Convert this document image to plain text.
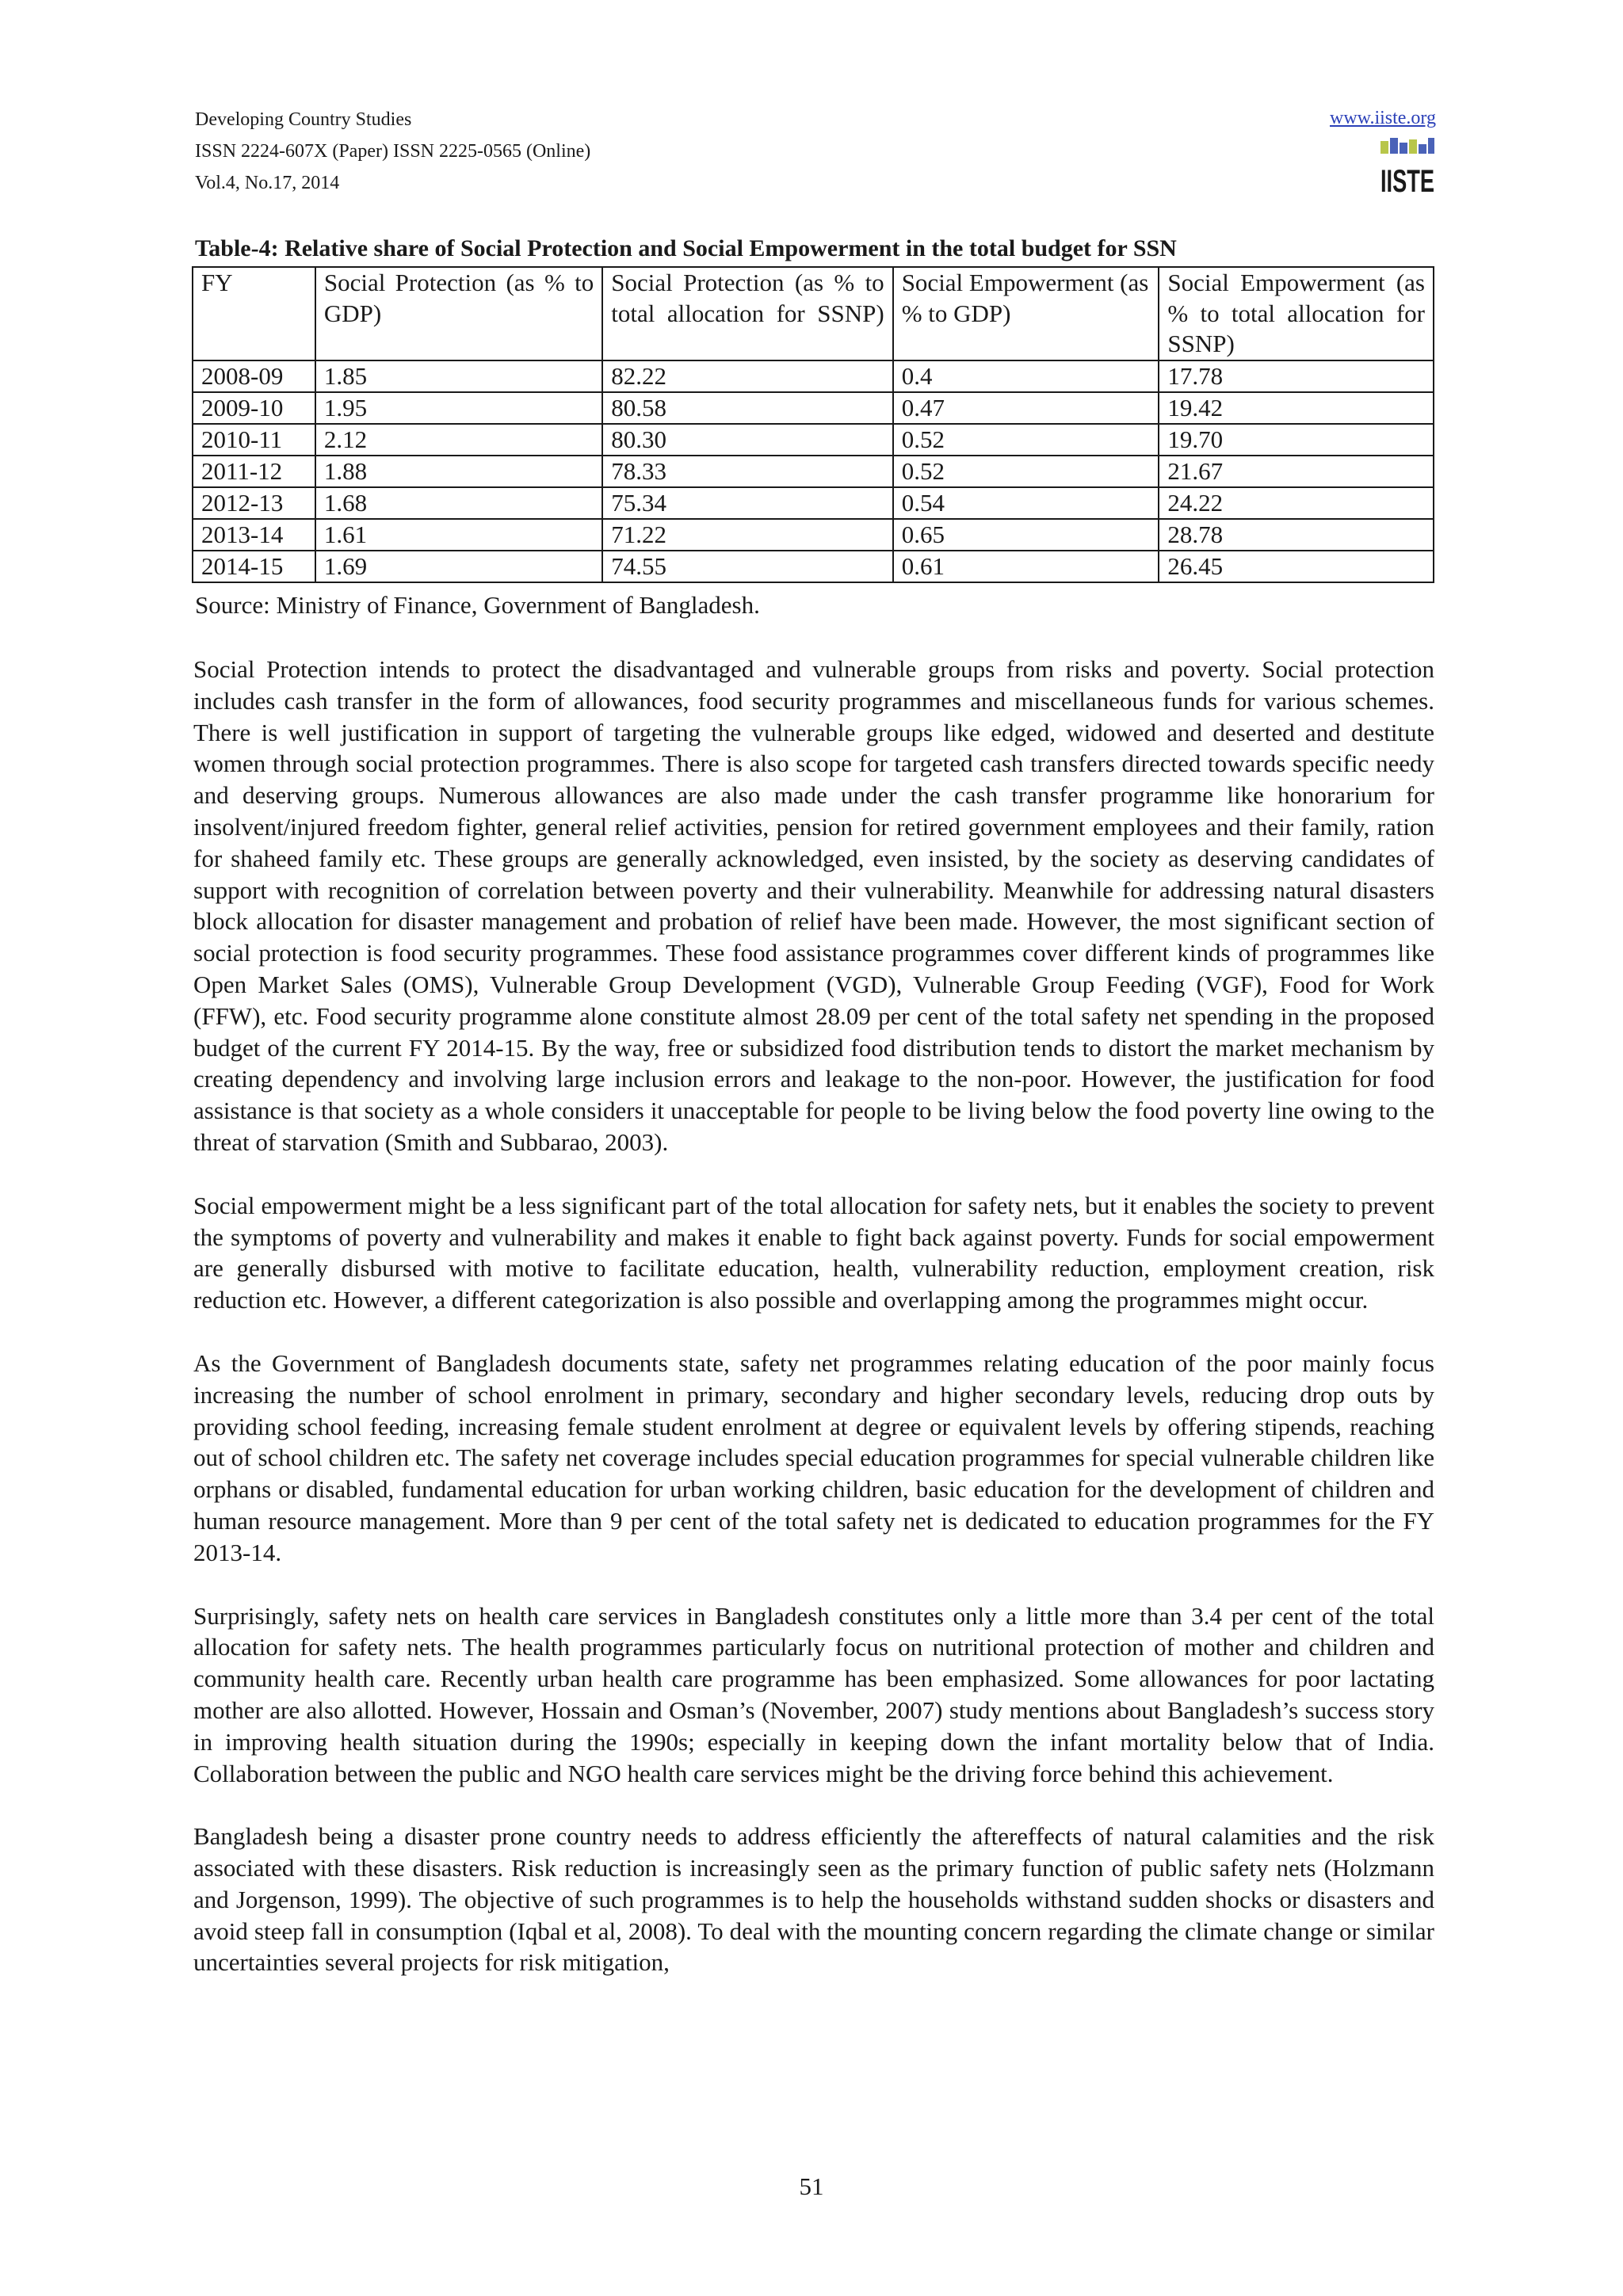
Developing Country Studies
ISSN 2224-607X (Paper) ISSN 2225-0565 (Online)
Vol.4, No.17, 2014
www.iiste.org
IISTE
Table-4: Relative share of Social Protection and Social Empowerment in the total budget for SSN
FY	Social Protection (as % to GDP)	Social Protection (as % to total allocation for SSNP)	Social Empowerment (as % to GDP)	Social Empowerment (as % to total allocation for SSNP)
2008-09	1.85	82.22	0.4	17.78
2009-10	1.95	80.58	0.47	19.42
2010-11	2.12	80.30	0.52	19.70
2011-12	1.88	78.33	0.52	21.67
2012-13	1.68	75.34	0.54	24.22
2013-14	1.61	71.22	0.65	28.78
2014-15	1.69	74.55	0.61	26.45
Source: Ministry of Finance, Government of Bangladesh.

Social Protection intends to protect the disadvantaged and vulnerable groups from risks and poverty. Social protection includes cash transfer in the form of allowances, food security programmes and miscellaneous funds for various schemes. There is well justification in support of targeting the vulnerable groups like edged, widowed and deserted and destitute women through social protection programmes. There is also scope for targeted cash transfers directed towards specific needy and deserving groups. Numerous allowances are also made under the cash transfer programme like honorarium for insolvent/injured freedom fighter, general relief activities, pension for retired government employees and their family, ration for shaheed family etc. These groups are generally acknowledged, even insisted, by the society as deserving candidates of support with recognition of correlation between poverty and their vulnerability. Meanwhile for addressing natural disasters block allocation for disaster management and probation of relief have been made. However, the most significant section of social protection is food security programmes. These food assistance programmes cover different kinds of programmes like Open Market Sales (OMS), Vulnerable Group Development (VGD), Vulnerable Group Feeding (VGF), Food for Work (FFW), etc. Food security programme alone constitute almost 28.09 per cent of the total safety net spending in the proposed budget of the current FY 2014-15. By the way, free or subsidized food distribution tends to distort the market mechanism by creating dependency and involving large inclusion errors and leakage to the non-poor. However, the justification for food assistance is that society as a whole considers it unacceptable for people to be living below the food poverty line owing to the threat of starvation (Smith and Subbarao, 2003).

Social empowerment might be a less significant part of the total allocation for safety nets, but it enables the society to prevent the symptoms of poverty and vulnerability and makes it enable to fight back against poverty. Funds for social empowerment are generally disbursed with motive to facilitate education, health, vulnerability reduction, employment creation, risk reduction etc. However, a different categorization is also possible and overlapping among the programmes might occur.

As the Government of Bangladesh documents state, safety net programmes relating education of the poor mainly focus increasing the number of school enrolment in primary, secondary and higher secondary levels, reducing drop outs by providing school feeding, increasing female student enrolment at degree or equivalent levels by offering stipends, reaching out of school children etc. The safety net coverage includes special education programmes for special vulnerable children like orphans or disabled, fundamental education for urban working children, basic education for the development of children and human resource management. More than 9 per cent of the total safety net is dedicated to education programmes for the FY 2013-14.

Surprisingly, safety nets on health care services in Bangladesh constitutes only a little more than 3.4 per cent of the total allocation for safety nets. The health programmes particularly focus on nutritional protection of mother and children and community health care. Recently urban health care programme has been emphasized. Some allowances for poor lactating mother are also allotted. However, Hossain and Osman’s (November, 2007) study mentions about Bangladesh’s success story in improving health situation during the 1990s; especially in keeping down the infant mortality below that of India. Collaboration between the public and NGO health care services might be the driving force behind this achievement.

Bangladesh being a disaster prone country needs to address efficiently the aftereffects of natural calamities and the risk associated with these disasters. Risk reduction is increasingly seen as the primary function of public safety nets (Holzmann and Jorgenson, 1999). The objective of such programmes is to help the households withstand sudden shocks or disasters and avoid steep fall in consumption (Iqbal et al, 2008). To deal with the mounting concern regarding the climate change or similar uncertainties several projects for risk mitigation,

51
